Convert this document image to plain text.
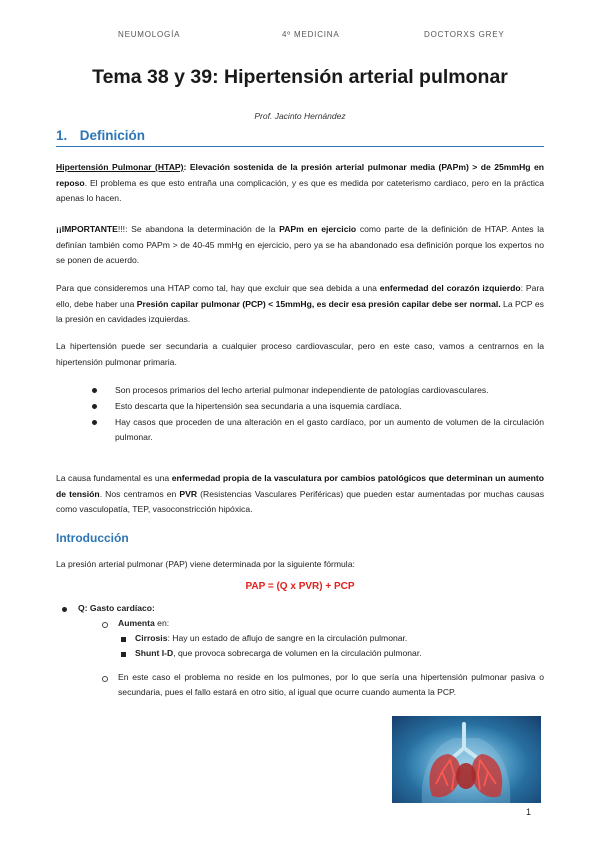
NEUMOLOGÍA	4º MEDICINA	DOCTORXS GREY
Tema 38 y 39: Hipertensión arterial pulmonar
Prof. Jacinto Hernández
1. Definición
Hipertensión Pulmonar (HTAP): Elevación sostenida de la presión arterial pulmonar media (PAPm) > de 25mmHg en reposo. El problema es que esto entraña una complicación, y es que es medida por cateterismo cardiaco, pero en la práctica apenas lo hacen.
¡¡IMPORTANTE!!!: Se abandona la determinación de la PAPm en ejercicio como parte de la definición de HTAP. Antes la definían también como PAPm > de 40-45 mmHg en ejercicio, pero ya se ha abandonado esa definición porque los expertos no se ponen de acuerdo.
Para que consideremos una HTAP como tal, hay que excluir que sea debida a una enfermedad del corazón izquierdo: Para ello, debe haber una Presión capilar pulmonar (PCP) < 15mmHg, es decir esa presión capilar debe ser normal. La PCP es la presión en cavidades izquierdas.
La hipertensión puede ser secundaria a cualquier proceso cardiovascular, pero en este caso, vamos a centrarnos en la hipertensión pulmonar primaria.
Son procesos primarios del lecho arterial pulmonar independiente de patologías cardiovasculares.
Esto descarta que la hipertensión sea secundaria a una isquemia cardíaca.
Hay casos que proceden de una alteración en el gasto cardíaco, por un aumento de volumen de la circulación pulmonar.
La causa fundamental es una enfermedad propia de la vasculatura por cambios patológicos que determinan un aumento de tensión. Nos centramos en PVR (Resistencias Vasculares Periféricas) que pueden estar aumentadas por muchas causas como vasculopatía, TEP, vasoconstricción hipóxica.
Introducción
La presión arterial pulmonar (PAP) viene determinada por la siguiente fórmula:
PAP = (Q x PVR) + PCP
Q: Gasto cardíaco:
Aumenta en:
Cirrosis: Hay un estado de aflujo de sangre en la circulación pulmonar.
Shunt I-D, que provoca sobrecarga de volumen en la circulación pulmonar.
En este caso el problema no reside en los pulmones, por lo que sería una hipertensión pulmonar pasiva o secundaria, pues el fallo estará en otro sitio, al igual que ocurre cuando aumenta la PCP.
1
